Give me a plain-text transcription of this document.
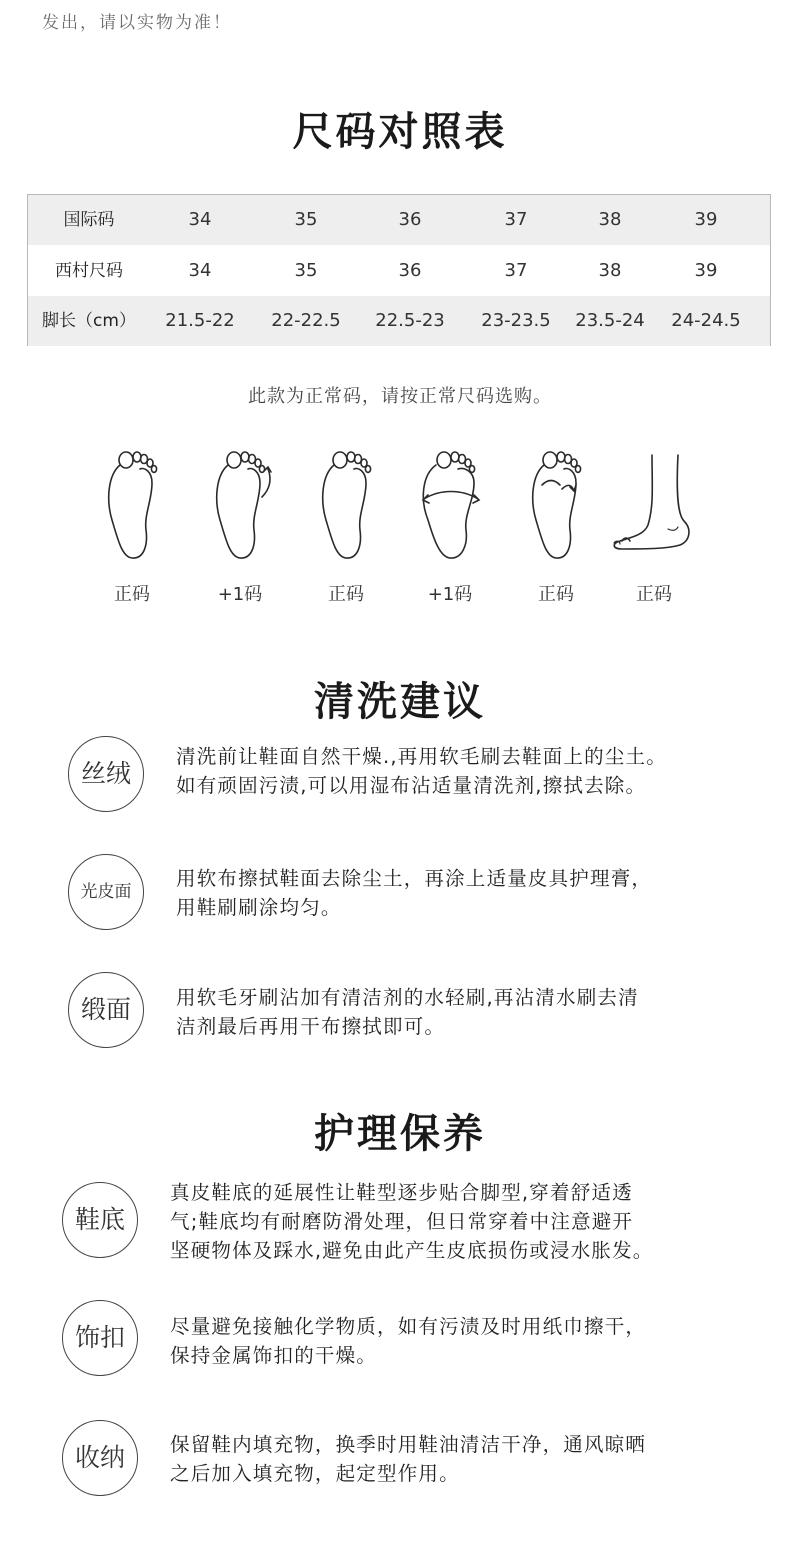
发出，请以实物为准！
尺码对照表
国际码	34	35	36	37	38	39
西村尺码	34	35	36	37	38	39
脚长（cm）	21.5-22	22-22.5	22.5-23	23-23.5	23.5-24	24-24.5
此款为正常码，请按正常尺码选购。
正码	+1码	正码	+1码	正码	正码
清洗建议
丝绒
清洗前让鞋面自然干燥.,再用软毛刷去鞋面上的尘土。
如有顽固污渍,可以用湿布沾适量清洗剂,擦拭去除。
光皮面
用软布擦拭鞋面去除尘土，再涂上适量皮具护理膏，
用鞋刷刷涂均匀。
缎面	用软毛牙刷沾加有清洁剂的水轻刷,再沾清水刷去清
洁剂最后再用干布擦拭即可。
护理保养
鞋底
真皮鞋底的延展性让鞋型逐步贴合脚型,穿着舒适透
气;鞋底均有耐磨防滑处理，但日常穿着中注意避开
坚硬物体及踩水,避免由此产生皮底损伤或浸水胀发。
饰扣	尽量避免接触化学物质，如有污渍及时用纸巾擦干，
保持金属饰扣的干燥。
收纳	保留鞋内填充物，换季时用鞋油清洁干净，通风晾晒
之后加入填充物，起定型作用。
